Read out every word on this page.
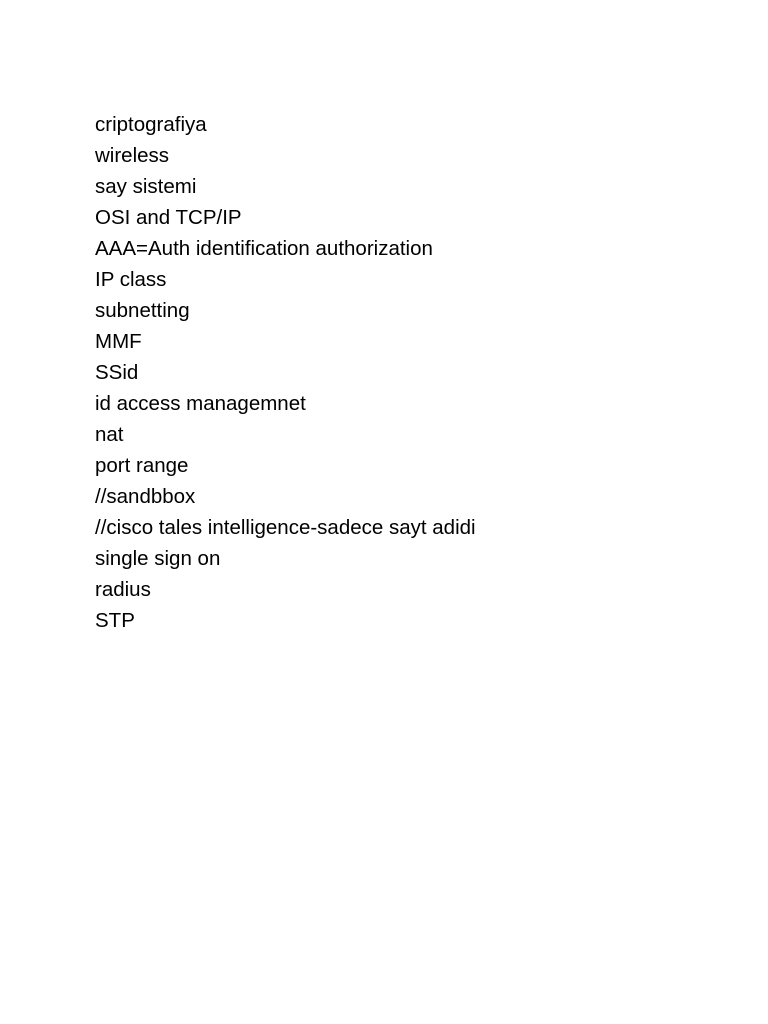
criptografiya
wireless
say sistemi
OSI and TCP/IP
AAA=Auth identification authorization
IP class
subnetting
MMF
SSid
id access managemnet
nat
port range
//sandbbox
//cisco tales intelligence-sadece sayt adidi
single sign on
radius
STP
